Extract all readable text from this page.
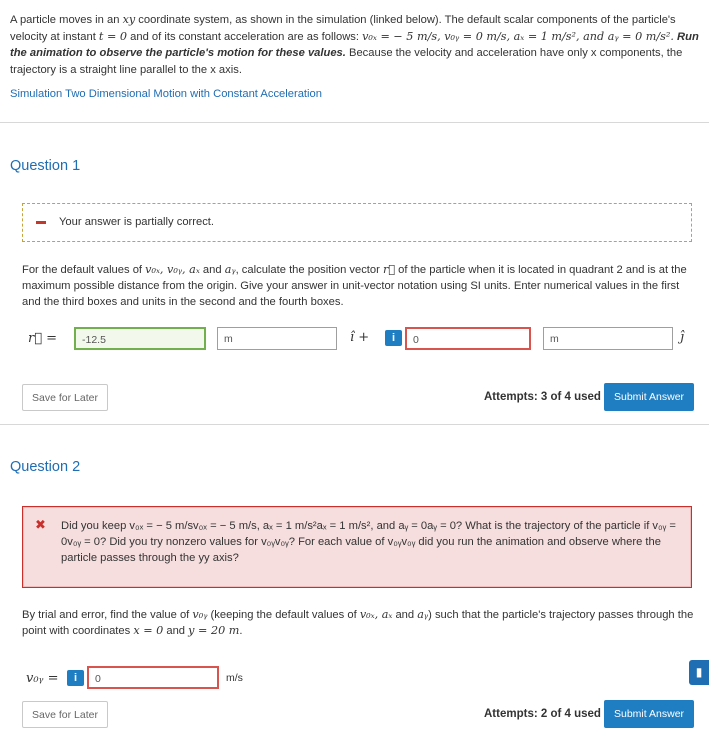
A particle moves in an xy coordinate system, as shown in the simulation (linked below). The default scalar components of the particle's velocity at instant t = 0 and of its constant acceleration are as follows: v₀ₓ = − 5 m/s, v₀ᵧ = 0 m/s, aₓ = 1 m/s², and aᵧ = 0 m/s². Run the animation to observe the particle's motion for these values. Because the velocity and acceleration have only x components, the trajectory is a straight line parallel to the x axis.
Simulation Two Dimensional Motion with Constant Acceleration
Question 1
Your answer is partially correct.
For the default values of v₀ₓ, v₀ᵧ, aₓ and aᵧ, calculate the position vector r⃗ of the particle when it is located in quadrant 2 and is at the maximum possible distance from the origin. Give your answer in unit-vector notation using SI units. Enter numerical values in the first and the third boxes and units in the second and the fourth boxes.
r⃗ =	-12.5	m	î +	i	0	m	ĵ
Save for Later	Attempts: 3 of 4 used	Submit Answer
Question 2
✖ Did you keep v₀ₓ = − 5 m/sv₀ₓ = − 5 m/s, aₓ = 1 m/s²aₓ = 1 m/s², and aᵧ = 0aᵧ = 0? What is the trajectory of the particle if v₀ᵧ = 0v₀ᵧ = 0? Did you try nonzero values for v₀ᵧv₀ᵧ? For each value of v₀ᵧv₀ᵧ did you run the animation and observe where the particle passes through the yy axis?
By trial and error, find the value of v₀ᵧ (keeping the default values of v₀ₓ, aₓ and aᵧ) such that the particle's trajectory passes through the point with coordinates x = 0 and y = 20 m.
v₀ᵧ =	i	0	m/s
Save for Later	Attempts: 2 of 4 used	Submit Answer
▮
